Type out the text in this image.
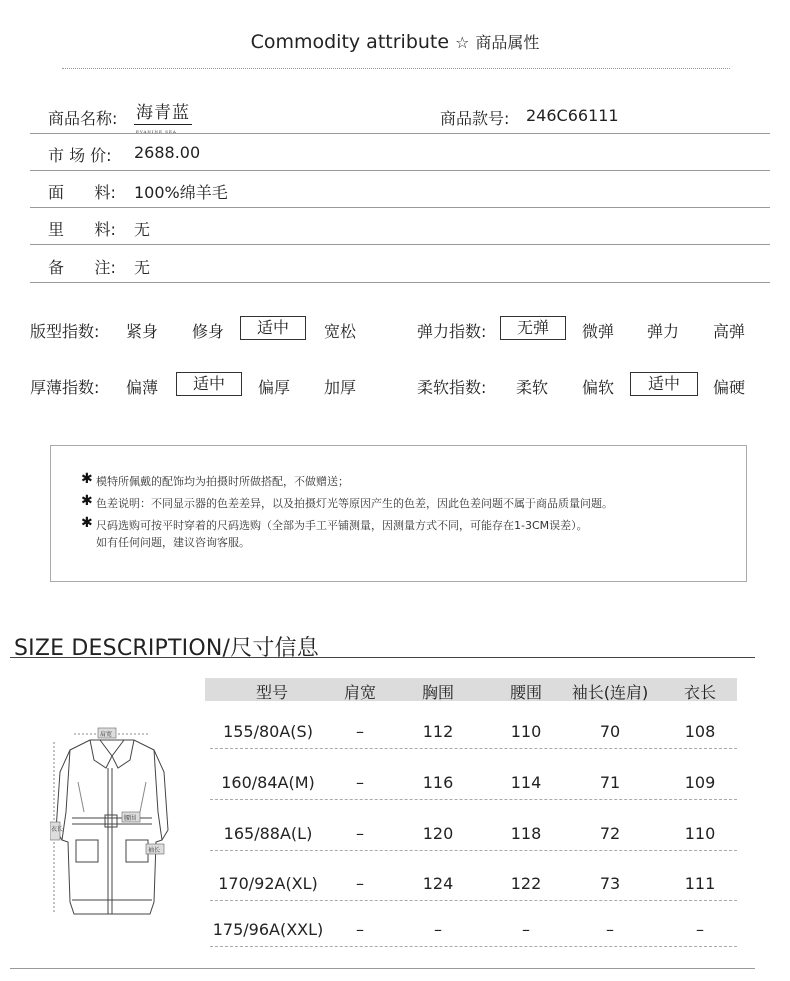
Commodity attribute ☆ 商品属性
商品名称: 海青蓝
EVANINE SEA
商品款号: 246C66111
市 场 价: 2688.00
面      料: 100%绵羊毛
里      料: 无
备      注: 无
版型指数:	紧身	修身	适中	宽松	弹力指数:	无弹	微弹	弹力	高弹
厚薄指数:	偏薄	适中	偏厚	加厚	柔软指数:	柔软	偏软	适中	偏硬
✱ 模特所佩戴的配饰均为拍摄时所做搭配，不做赠送；
✱ 色差说明：不同显示器的色差差异，以及拍摄灯光等原因产生的色差，因此色差问题不属于商品质量问题。
✱ 尺码选购可按平时穿着的尺码选购（全部为手工平铺测量，因测量方式不同，可能存在1-3CM误差）。
如有任何问题，建议咨询客服。
SIZE DESCRIPTION/尺寸信息
型号	肩宽	胸围	腰围	袖长(连肩)	衣长
155/80A(S)	–	112	110	70	108
160/84A(M)	–	116	114	71	109
165/88A(L)	–	120	118	72	110
170/92A(XL)	–	124	122	73	111
175/96A(XXL)	–	–	–	–	–
肩宽
衣长
腰围
袖长
